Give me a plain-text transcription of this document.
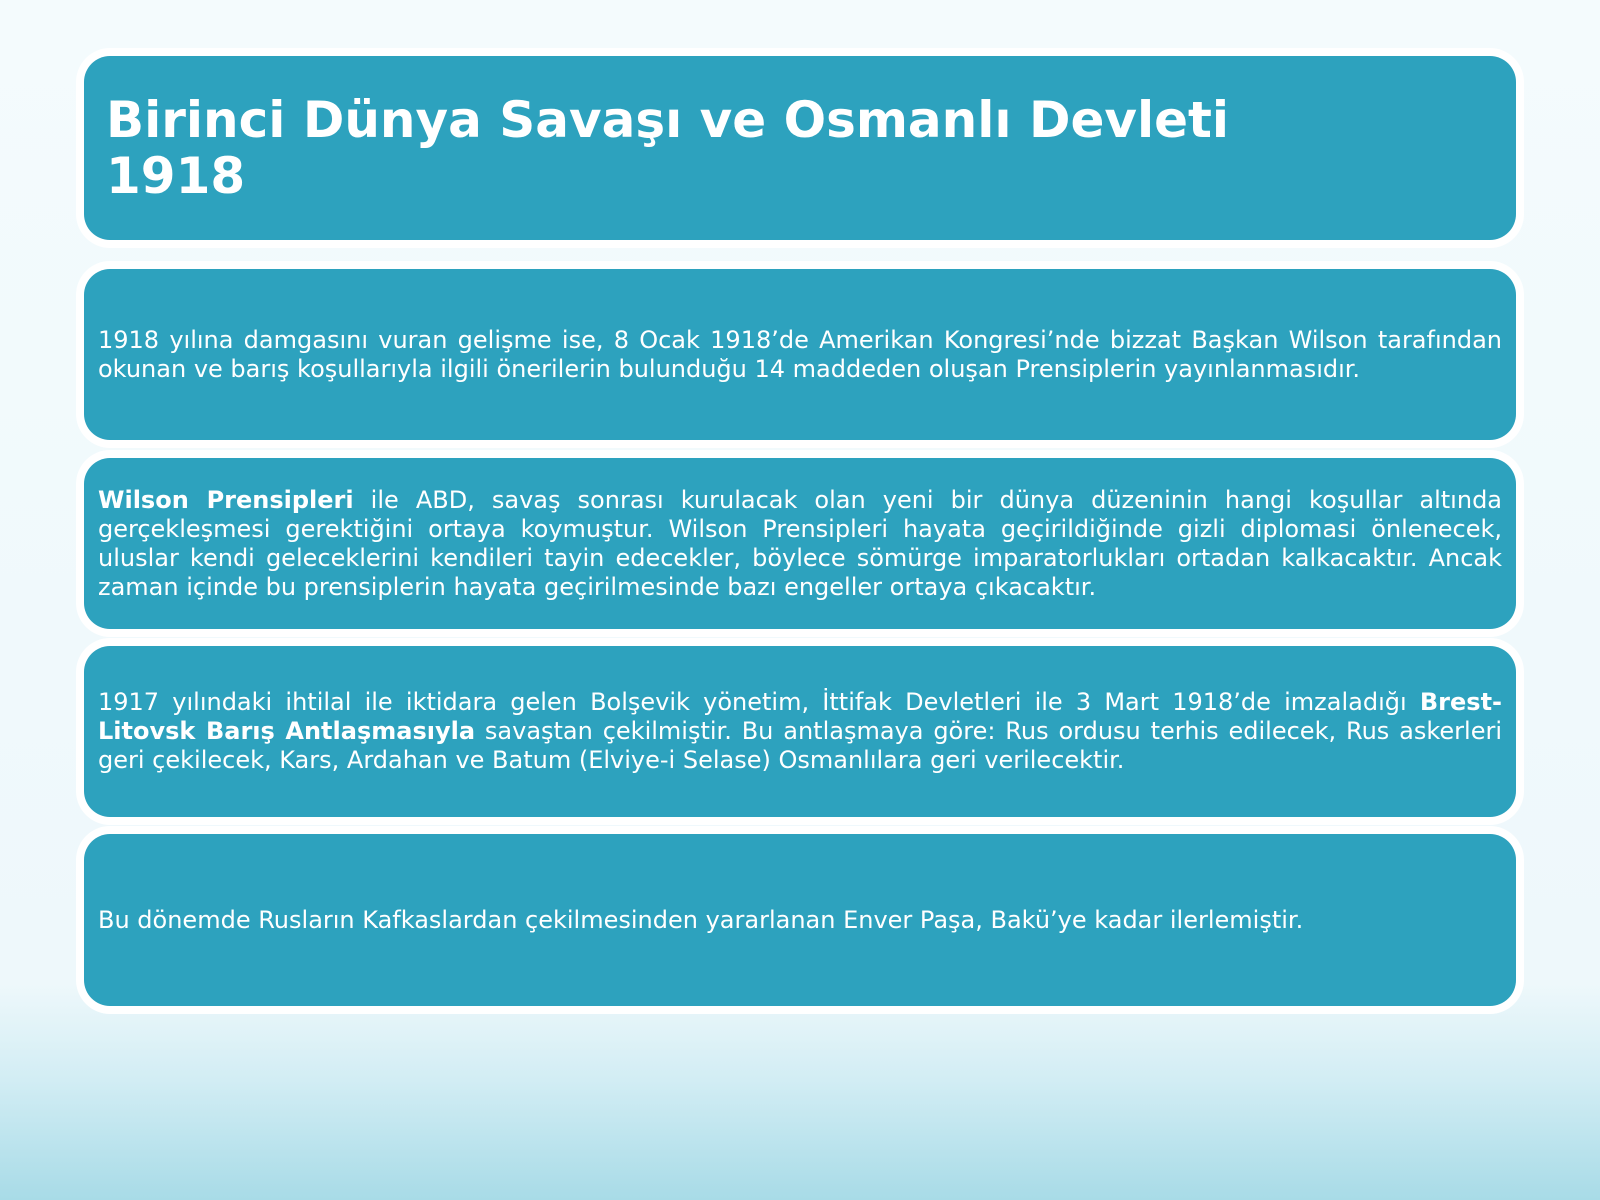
Birinci Dünya Savaşı ve Osmanlı Devleti
1918

1918 yılına damgasını vuran gelişme ise, 8 Ocak 1918’de Amerikan Kongresi’nde bizzat Başkan Wilson tarafından okunan ve barış koşullarıyla ilgili önerilerin bulunduğu 14 maddeden oluşan Prensiplerin yayınlanmasıdır.

Wilson Prensipleri ile ABD, savaş sonrası kurulacak olan yeni bir dünya düzeninin hangi koşullar altında gerçekleşmesi gerektiğini ortaya koymuştur. Wilson Prensipleri hayata geçirildiğinde gizli diplomasi önlenecek, uluslar kendi geleceklerini kendileri tayin edecekler, böylece sömürge imparatorlukları ortadan kalkacaktır. Ancak zaman içinde bu prensiplerin hayata geçirilmesinde bazı engeller ortaya çıkacaktır.

1917 yılındaki ihtilal ile iktidara gelen Bolşevik yönetim, İttifak Devletleri ile 3 Mart 1918’de imzaladığı Brest-Litovsk Barış Antlaşmasıyla savaştan çekilmiştir. Bu antlaşmaya göre: Rus ordusu terhis edilecek, Rus askerleri geri çekilecek, Kars, Ardahan ve Batum (Elviye-i Selase) Osmanlılara geri verilecektir.

Bu dönemde Rusların Kafkaslardan çekilmesinden yararlanan Enver Paşa, Bakü’ye kadar ilerlemiştir.
